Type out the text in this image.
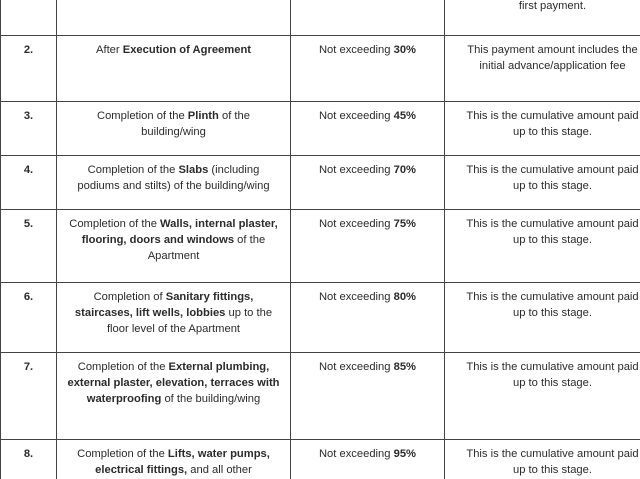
			first payment.
2.	After Execution of Agreement	Not exceeding 30%	This payment amount includes the initial advance/application fee
3.	Completion of the Plinth of the building/wing	Not exceeding 45%	This is the cumulative amount paid up to this stage.
4.	Completion of the Slabs (including podiums and stilts) of the building/wing	Not exceeding 70%	This is the cumulative amount paid up to this stage.
5.	Completion of the Walls, internal plaster, flooring, doors and windows of the Apartment	Not exceeding 75%	This is the cumulative amount paid up to this stage.
6.	Completion of Sanitary fittings, staircases, lift wells, lobbies up to the floor level of the Apartment	Not exceeding 80%	This is the cumulative amount paid up to this stage.
7.	Completion of the External plumbing, external plaster, elevation, terraces with waterproofing of the building/wing	Not exceeding 85%	This is the cumulative amount paid up to this stage.
8.	Completion of the Lifts, water pumps, electrical fittings, and all other	Not exceeding 95%	This is the cumulative amount paid up to this stage.
